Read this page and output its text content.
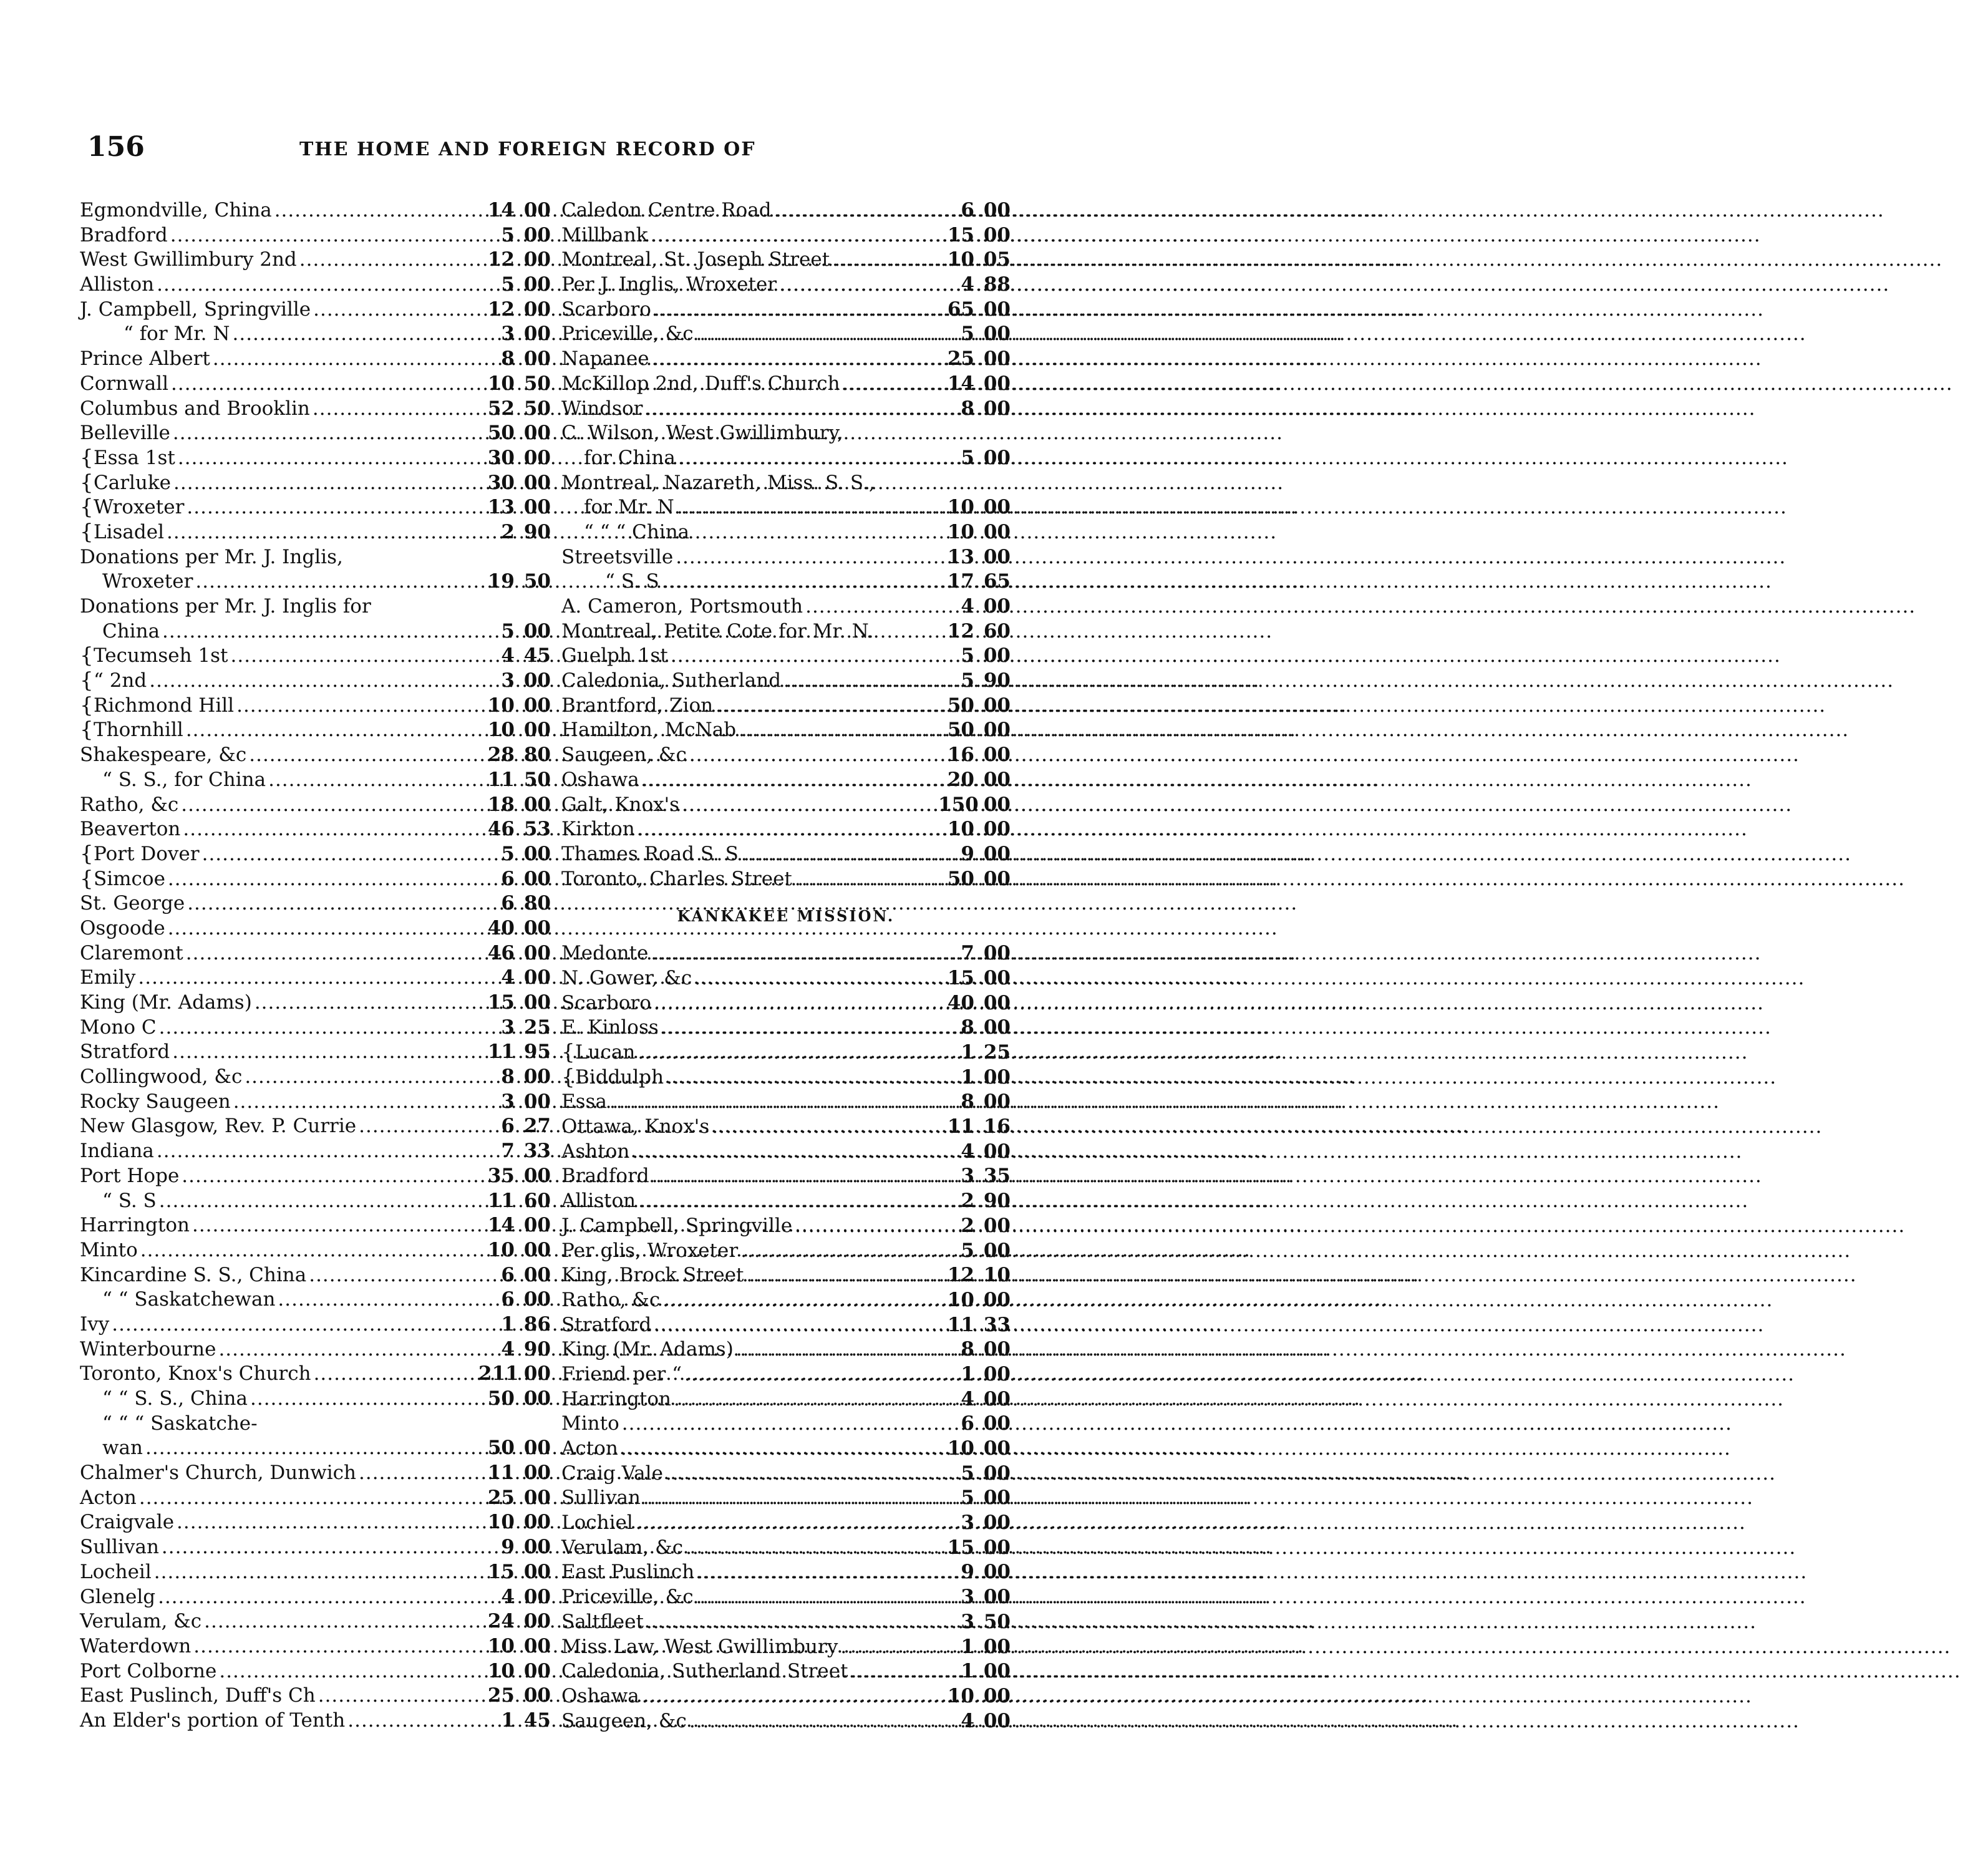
156	THE HOME AND FOREIGN RECORD OF
Egmondville, China .....	14 00
Bradford .....	5 00
West Gwillimbury 2nd .....	12 00
Alliston .....	5 00
J. Campbell, Springville .....	12 00
“ for Mr. N .....	3 00
Prince Albert .....	8 00
Cornwall .....	10 50
Columbus and Brooklin .....	52 50
Belleville .....	50 00
{ Essa 1st .....	30 00
{ Carluke .....	30 00
{ Wroxeter .....	13 00
{ Lisadel .....	2 90
Donations per Mr. J. Inglis,
Wroxeter .....	19 50
Donations per Mr. J. Inglis for
China .....	5 00
{ Tecumseh 1st .....	4 45
{ “ 2nd .....	3 00
{ Richmond Hill .....	10 00
{ Thornhill .....	10 00
Shakespeare, &c .....	28 80
“ S. S., for China .....	11 50
Ratho, &c .....	18 00
Beaverton .....	46 53
{ Port Dover .....	5 00
{ Simcoe .....	6 00
St. George .....	6 80
Osgoode .....	40 00
Claremont .....	46 00
Emily .....	4 00
King (Mr. Adams) .....	15 00
Mono C .....	3 25
Stratford .....	11 95
Collingwood, &c .....	8 00
Rocky Saugeen .....	3 00
New Glasgow, Rev. P. Currie .....	6 27
Indiana .....	7 33
Port Hope .....	35 00
“ S. S .....	11 60
Harrington .....	14 00
Minto .....	10 00
Kincardine S. S., China .....	6 00
“ “ Saskatchewan .....	6 00
Ivy .....	1 86
Winterbourne .....	4 90
Toronto, Knox's Church .....	211 00
“ “ S. S., China .....	50 00
“ “ “ Saskatche-
wan .....	50 00
Chalmer's Church, Dunwich .....	11 00
Acton .....	25 00
Craigvale .....	10 00
Sullivan .....	9 00
Locheil .....	15 00
Glenelg .....	4 00
Verulam, &c .....	24 00
Waterdown .....	10 00
Port Colborne .....	10 00
East Puslinch, Duff's Ch .....	25 00
An Elder's portion of Tenth .....	1 45
Caledon Centre Road .....	6 00
Millbank .....	15 00
Montreal, St. Joseph Street .....	10 05
Per J. Inglis, Wroxeter .....	4 88
Scarboro .....	65 00
Priceville, &c .....	5 00
Napanee .....	25 00
McKillop 2nd, Duff's Church .....	14 00
Windsor .....	8 00
C. Wilson, West Gwillimbury,
for China .....	5 00
Montreal, Nazareth, Miss. S. S.,
for Mr. N .....	10 00
“ “ “ China	10 00
Streetsville .....	13 00
“ S. S .....	17 65
A. Cameron, Portsmouth .....	4 00
Montreal, Petite Cote for Mr. N.	12 60
Guelph 1st .....	5 00
Caledonia, Sutherland .....	5 90
Brantford, Zion .....	50 00
Hamilton, McNab .....	50 00
Saugeen, &c .....	16 00
Oshawa .....	20 00
Galt, Knox's .....	150 00
Kirkton .....	10 00
Thames Road S. S .....	9 00
Toronto, Charles Street .....	50 00
KANKAKEE MISSION.
Medonte .....	7 00
N. Gower, &c .....	15 00
Scarboro .....	40 00
E. Kinloss .....	8 00
{ Lucan .....	1 25
{ Biddulph .....	1 00
Essa .....	8 00
Ottawa, Knox's .....	11 16
Ashton .....	4 00
Bradford .....	3 35
Alliston .....	2 90
J. Campbell, Springville .....	2 00
Per glis, Wroxeter .....	5 00
King, Brock Street .....	12 10
Ratho, &c .....	10 00
Stratford .....	11 33
King (Mr. Adams) .....	8 00
Friend per “ .....	1 00
Harrington .....	4 00
Minto .....	6 00
Acton .....	10 00
Craig Vale .....	5 00
Sullivan .....	5 00
Lochiel .....	3 00
Verulam, &c .....	15 00
East Puslinch .....	9 00
Priceville, &c .....	3 00
Saltfleet .....	3 50
Miss Law, West Gwillimbury .....	1 00
Caledonia, Sutherland Street .....	1 00
Oshawa .....	10 00
Saugeen, &c .....	4 00
